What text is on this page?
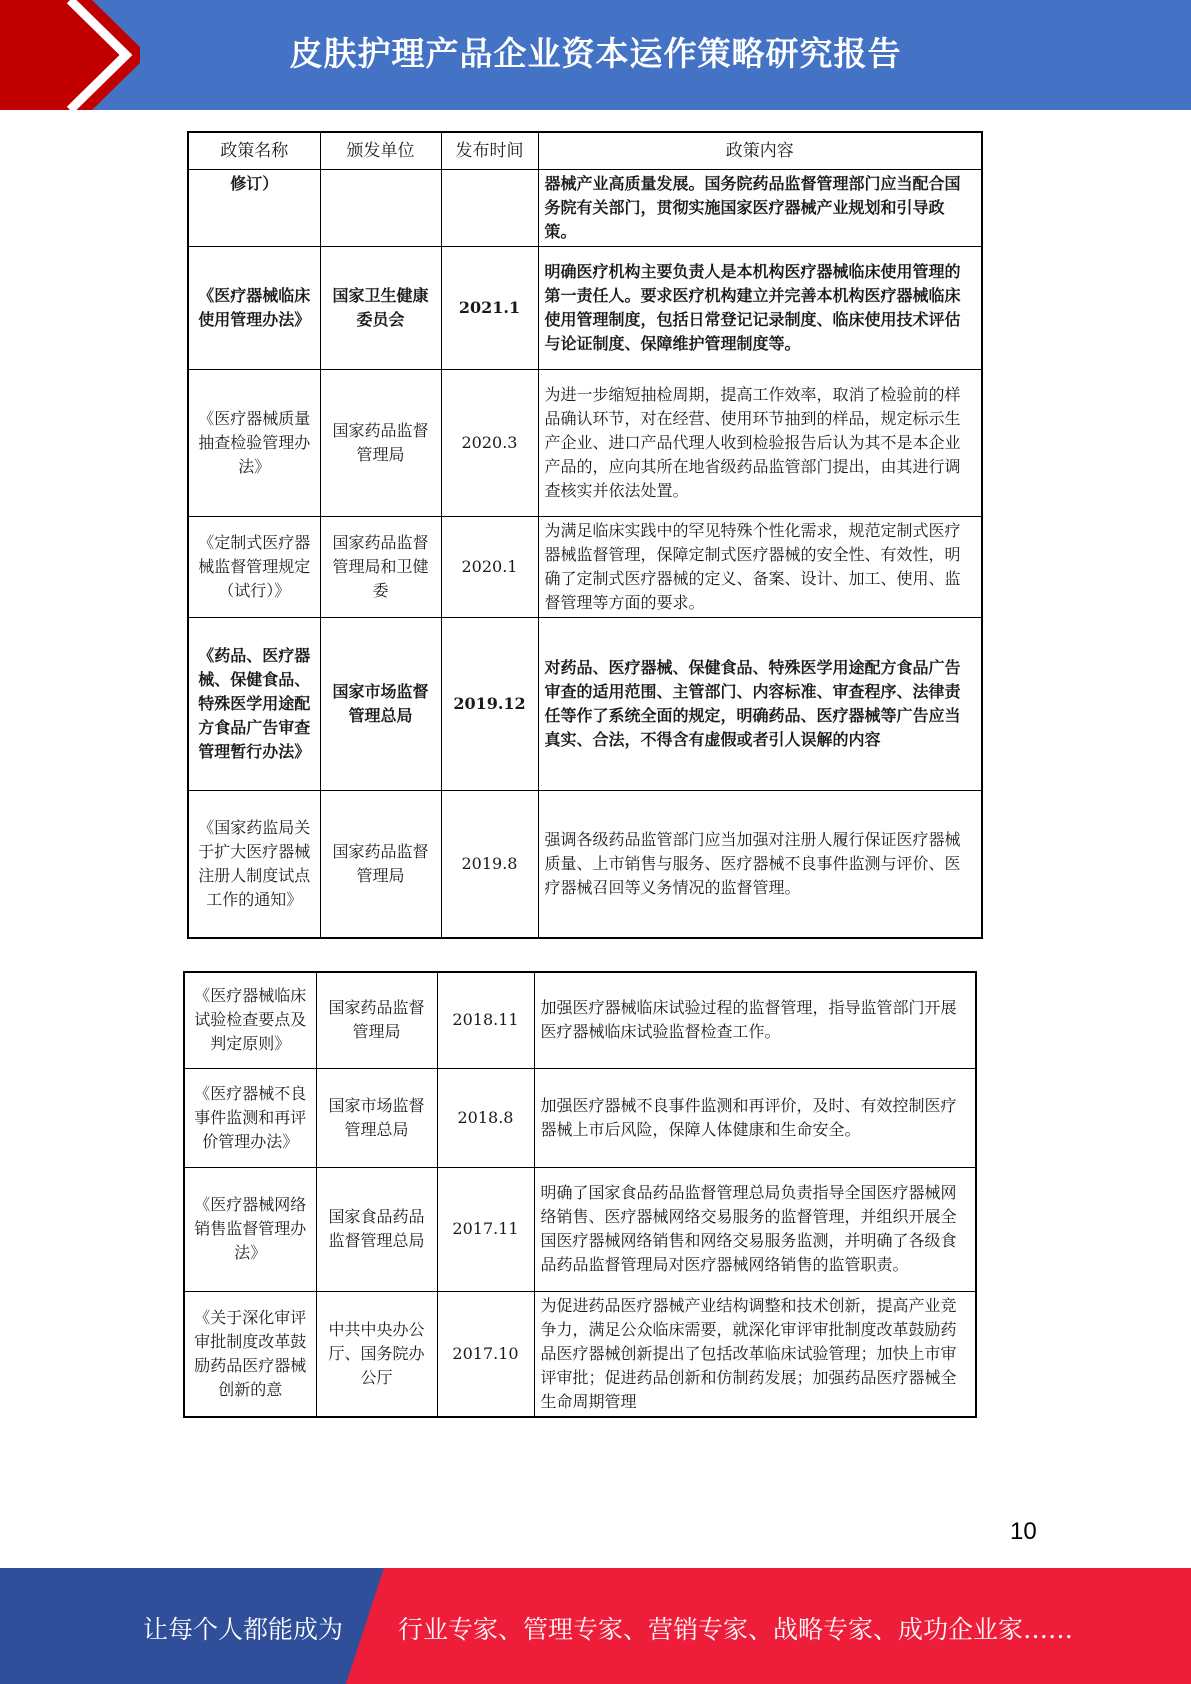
皮肤护理产品企业资本运作策略研究报告
政策名称	颁发单位	发布时间	政策内容
修订）			器械产业高质量发展。国务院药品监督管理部门应当配合国务院有关部门，贯彻实施国家医疗器械产业规划和引导政策。
《医疗器械临床使用管理办法》	国家卫生健康委员会	2021.1	明确医疗机构主要负责人是本机构医疗器械临床使用管理的第一责任人。要求医疗机构建立并完善本机构医疗器械临床使用管理制度，包括日常登记记录制度、临床使用技术评估与论证制度、保障维护管理制度等。
《医疗器械质量抽查检验管理办法》	国家药品监督管理局	2020.3	为进一步缩短抽检周期，提高工作效率，取消了检验前的样品确认环节，对在经营、使用环节抽到的样品，规定标示生产企业、进口产品代理人收到检验报告后认为其不是本企业产品的，应向其所在地省级药品监管部门提出，由其进行调查核实并依法处置。
《定制式医疗器械监督管理规定（试行）》	国家药品监督管理局和卫健委	2020.1	为满足临床实践中的罕见特殊个性化需求，规范定制式医疗器械监督管理，保障定制式医疗器械的安全性、有效性，明确了定制式医疗器械的定义、备案、设计、加工、使用、监督管理等方面的要求。
《药品、医疗器械、保健食品、特殊医学用途配方食品广告审查管理暂行办法》	国家市场监督管理总局	2019.12	对药品、医疗器械、保健食品、特殊医学用途配方食品广告审查的适用范围、主管部门、内容标准、审查程序、法律责任等作了系统全面的规定，明确药品、医疗器械等广告应当真实、合法，不得含有虚假或者引人误解的内容
《国家药监局关于扩大医疗器械注册人制度试点工作的通知》	国家药品监督管理局	2019.8	强调各级药品监管部门应当加强对注册人履行保证医疗器械质量、上市销售与服务、医疗器械不良事件监测与评价、医疗器械召回等义务情况的监督管理。
《医疗器械临床试验检查要点及判定原则》	国家药品监督管理局	2018.11	加强医疗器械临床试验过程的监督管理，指导监管部门开展医疗器械临床试验监督检查工作。
《医疗器械不良事件监测和再评价管理办法》	国家市场监督管理总局	2018.8	加强医疗器械不良事件监测和再评价，及时、有效控制医疗器械上市后风险，保障人体健康和生命安全。
《医疗器械网络销售监督管理办法》	国家食品药品监督管理总局	2017.11	明确了国家食品药品监督管理总局负责指导全国医疗器械网络销售、医疗器械网络交易服务的监督管理，并组织开展全国医疗器械网络销售和网络交易服务监测，并明确了各级食品药品监督管理局对医疗器械网络销售的监管职责。
《关于深化审评审批制度改革鼓励药品医疗器械创新的意	中共中央办公厅、国务院办公厅	2017.10	为促进药品医疗器械产业结构调整和技术创新，提高产业竞争力，满足公众临床需要，就深化审评审批制度改革鼓励药品医疗器械创新提出了包括改革临床试验管理；加快上市审评审批；促进药品创新和仿制药发展；加强药品医疗器械全生命周期管理
10
让每个人都能成为 行业专家、管理专家、营销专家、战略专家、成功企业家……
